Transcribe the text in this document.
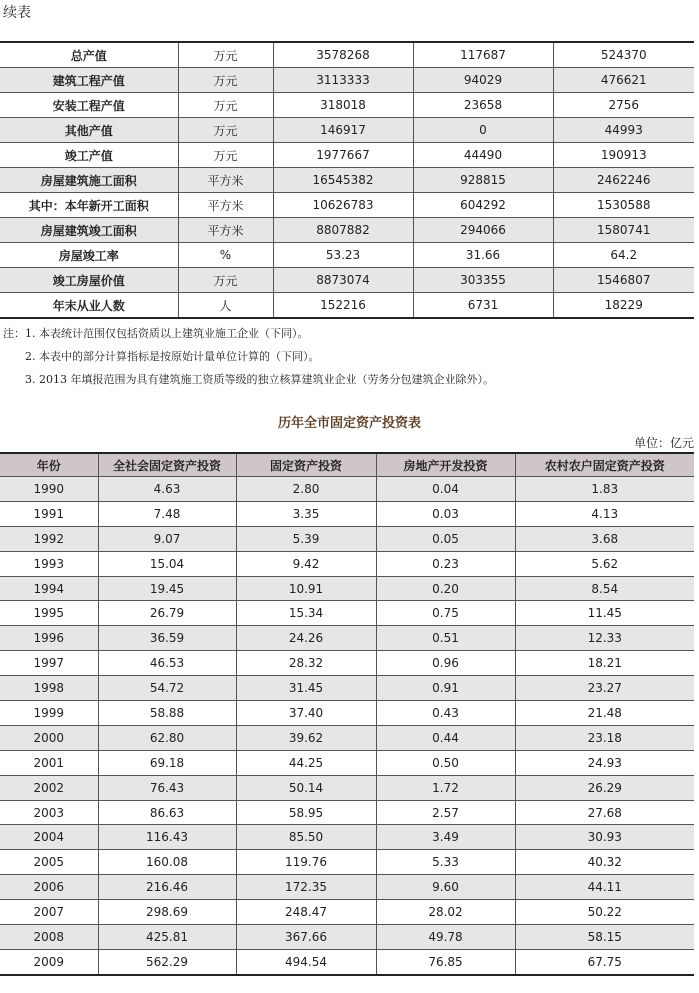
续表
总产值	万元	3578268	117687	524370
建筑工程产值	万元	3113333	94029	476621
安装工程产值	万元	318018	23658	2756
其他产值	万元	146917	0	44993
竣工产值	万元	1977667	44490	190913
房屋建筑施工面积	平方米	16545382	928815	2462246
其中：本年新开工面积	平方米	10626783	604292	1530588
房屋建筑竣工面积	平方米	8807882	294066	1580741
房屋竣工率	%	53.23	31.66	64.2
竣工房屋价值	万元	8873074	303355	1546807
年末从业人数	人	152216	6731	18229
注：1. 本表统计范围仅包括资质以上建筑业施工企业（下同）。
2. 本表中的部分计算指标是按原始计量单位计算的（下同）。
3. 2013 年填报范围为具有建筑施工资质等级的独立核算建筑业企业（劳务分包建筑企业除外）。
历年全市固定资产投资表
单位：亿元
年份	全社会固定资产投资	固定资产投资	房地产开发投资	农村农户固定资产投资
1990	4.63	2.80	0.04	1.83
1991	7.48	3.35	0.03	4.13
1992	9.07	5.39	0.05	3.68
1993	15.04	9.42	0.23	5.62
1994	19.45	10.91	0.20	8.54
1995	26.79	15.34	0.75	11.45
1996	36.59	24.26	0.51	12.33
1997	46.53	28.32	0.96	18.21
1998	54.72	31.45	0.91	23.27
1999	58.88	37.40	0.43	21.48
2000	62.80	39.62	0.44	23.18
2001	69.18	44.25	0.50	24.93
2002	76.43	50.14	1.72	26.29
2003	86.63	58.95	2.57	27.68
2004	116.43	85.50	3.49	30.93
2005	160.08	119.76	5.33	40.32
2006	216.46	172.35	9.60	44.11
2007	298.69	248.47	28.02	50.22
2008	425.81	367.66	49.78	58.15
2009	562.29	494.54	76.85	67.75
